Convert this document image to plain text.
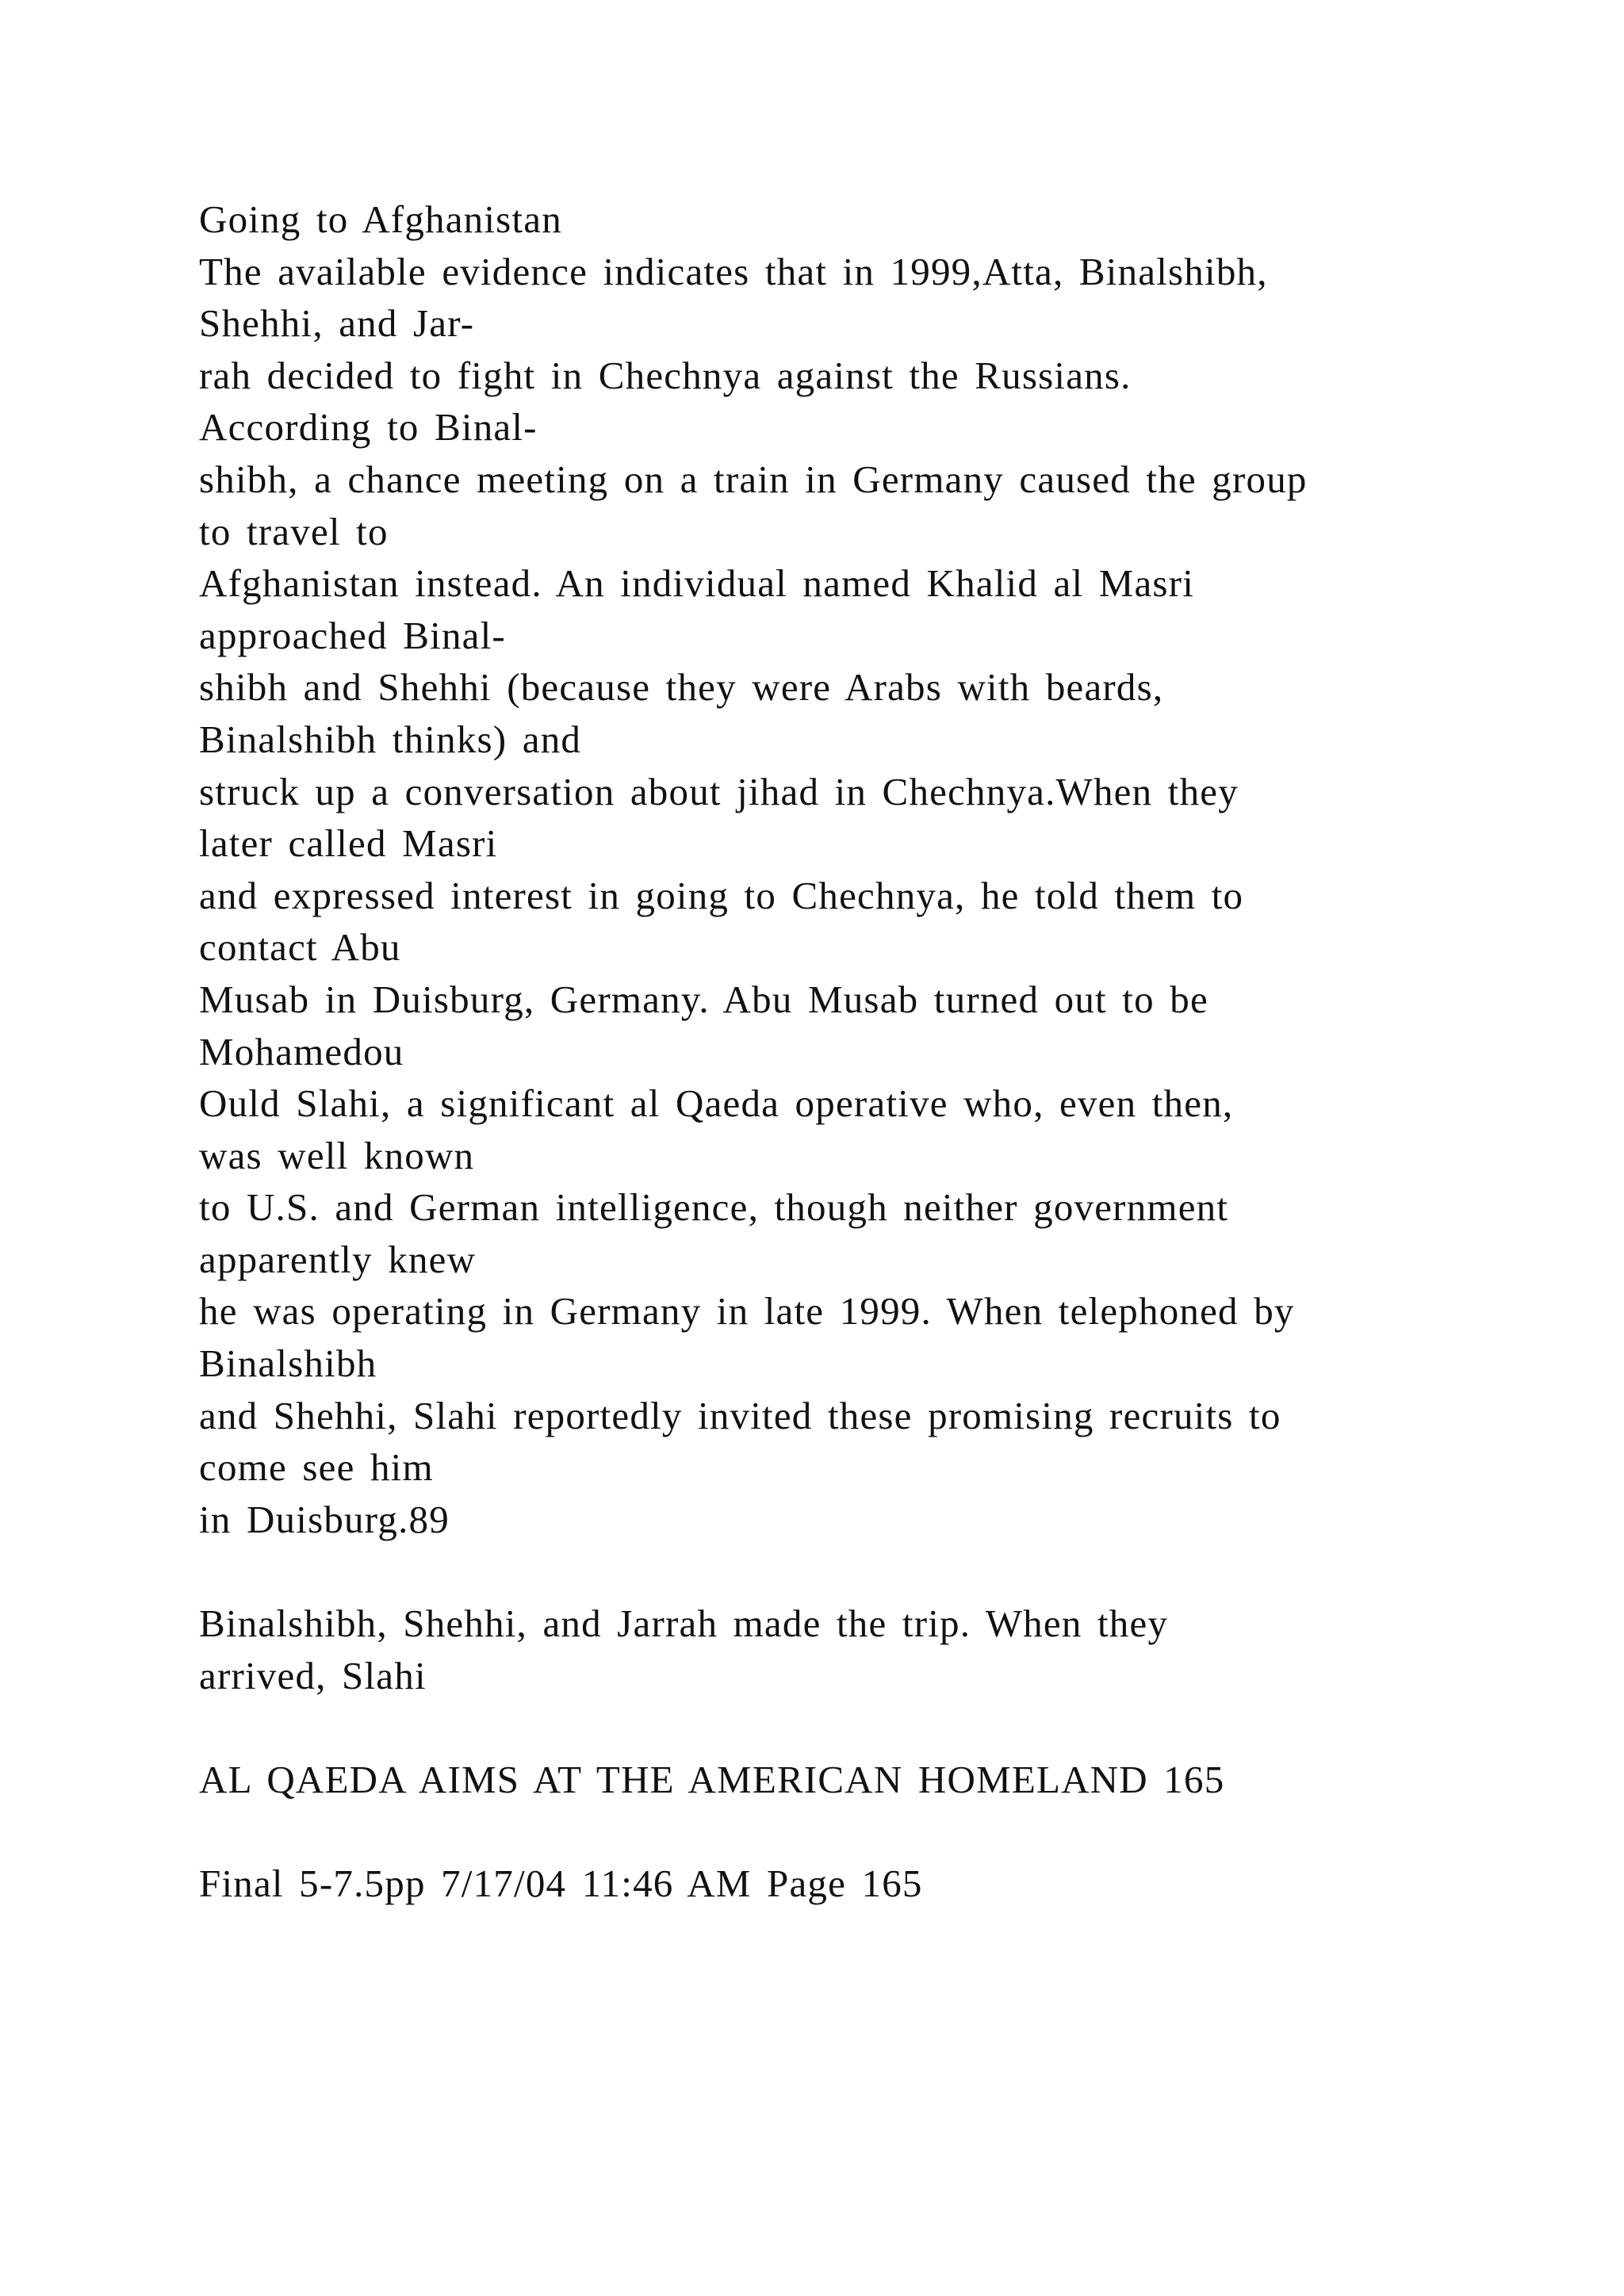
Going to Afghanistan
The available evidence indicates that in 1999,Atta, Binalshibh,
Shehhi, and Jar-
rah decided to fight in Chechnya against the Russians.
According to Binal-
shibh, a chance meeting on a train in Germany caused the group
to travel to
Afghanistan instead. An individual named Khalid al Masri
approached Binal-
shibh and Shehhi (because they were Arabs with beards,
Binalshibh thinks) and
struck up a conversation about jihad in Chechnya.When they
later called Masri
and expressed interest in going to Chechnya, he told them to
contact Abu
Musab in Duisburg, Germany. Abu Musab turned out to be
Mohamedou
Ould Slahi, a significant al Qaeda operative who, even then,
was well known
to U.S. and German intelligence, though neither government
apparently knew
he was operating in Germany in late 1999. When telephoned by
Binalshibh
and Shehhi, Slahi reportedly invited these promising recruits to
come see him
in Duisburg.89
Binalshibh, Shehhi, and Jarrah made the trip. When they
arrived, Slahi
AL QAEDA AIMS AT THE AMERICAN HOMELAND 165
Final 5-7.5pp 7/17/04 11:46 AM Page 165
